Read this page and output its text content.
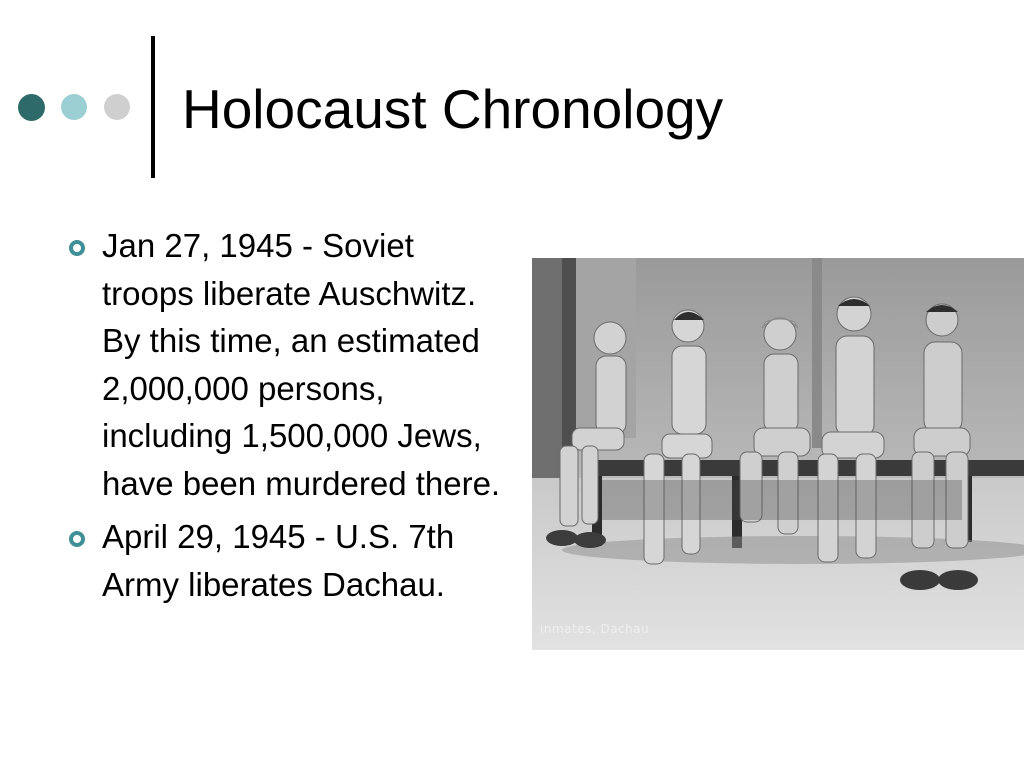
Holocaust Chronology
Jan 27, 1945 - Soviet troops liberate Auschwitz. By this time, an estimated 2,000,000 persons, including 1,500,000 Jews, have been murdered there.
April 29, 1945 - U.S. 7th Army liberates Dachau.
inmates, Dachau
